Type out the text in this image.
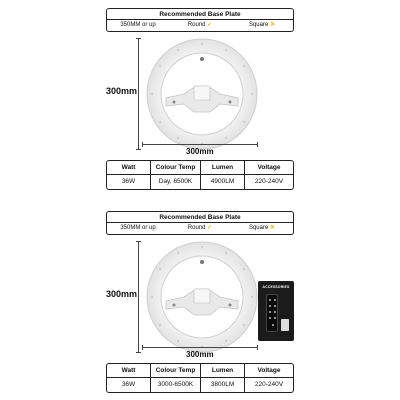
Recommended Base Plate
350MM or up	Round ✓	Square ✕
300mm
300mm
Watt	Colour Temp	Lumen	Voltage
36W	Day, 6500K	4900LM	220-240V
Recommended Base Plate
350MM or up	Round ✓	Square ✕
300mm
ACCESSORIES
300mm
Watt	Colour Temp	Lumen	Voltage
36W	3000-6500K	3800LM	220-240V
